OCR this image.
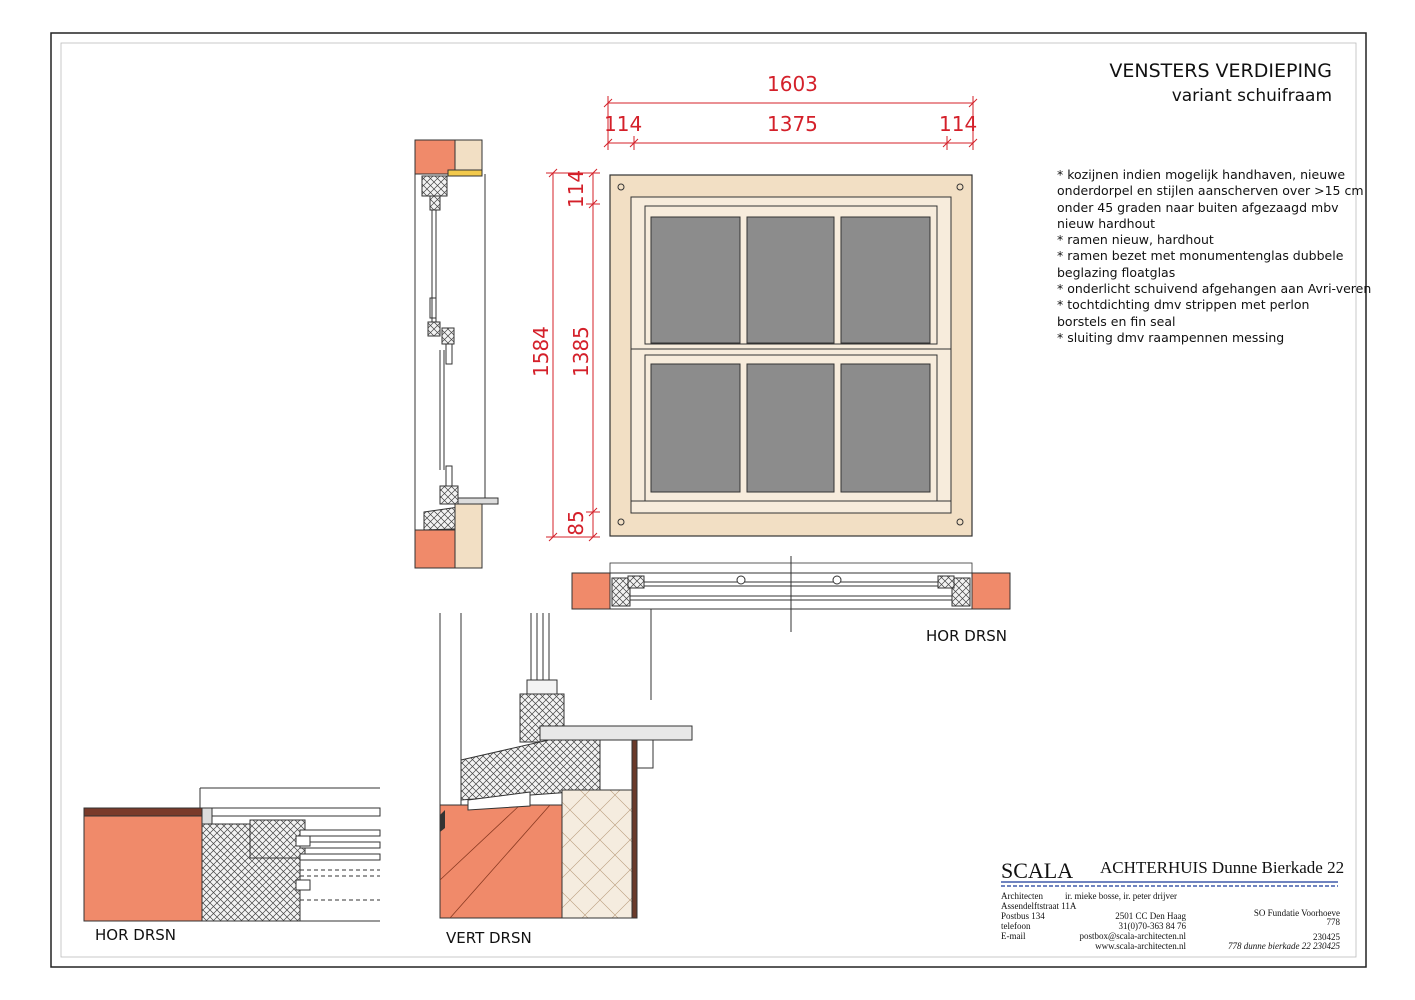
VENSTERS VERDIEPING
variant schuifraam
* kozijnen indien mogelijk handhaven, nieuwe
onderdorpel en stijlen aanscherven over >15 cm
onder 45 graden naar buiten afgezaagd mbv
nieuw hardhout
* ramen nieuw, hardhout
* ramen bezet met monumentenglas dubbele
beglazing floatglas
* onderlicht schuivend afgehangen aan Avri-veren
* tochtdichting dmv strippen met perlon
borstels en fin seal
* sluiting dmv raampennen messing
1603
114	1375	114
1584 1385
114
85
HOR DRSN
HOR DRSN	VERT DRSN
SCALA ACHTERHUIS Dunne Bierkade 22
Architecten
Assendelftstraat 11A
Postbus 134
telefoon
E-mail
ir. mieke bosse, ir. peter drijver
2501 CC Den Haag
31(0)70-363 84 76
postbox@scala-architecten.nl
www.scala-architecten.nl
SO Fundatie Voorhoeve
778
230425
778 dunne bierkade 22 230425
